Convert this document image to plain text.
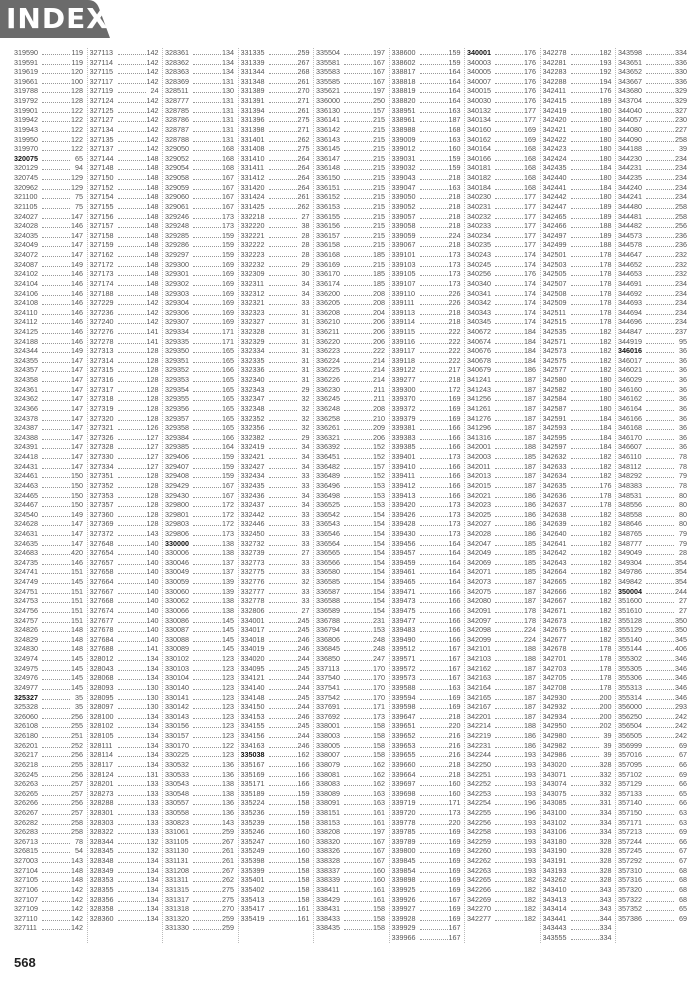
INDEX
319590	119
319591	119
319619	120
319661	100
319788	128
319792	128
319901	122
319942	122
319943	122
319950	122
319970	122
320075	65
320129	94
320745	129
320962	129
321100	75
321105	75
324027	147
324028	146
324035	147
324049	147
324072	147
324087	149
324102	146
324104	146
324106	146
324108	146
324110	146
324112	146
324125	146
324188	146
324344	149
324355	147
324357	147
324358	147
324361	147
324362	147
324366	147
324378	147
324387	147
324388	147
324391	147
324418	147
324431	147
324461	150
324463	150
324465	150
324467	150
324540	149
324628	147
324631	147
324635	147
324683	420
324735	146
324741	151
324749	145
324751	151
324753	151
324756	151
324757	151
324826	148
324829	148
324830	148
324974	145
324975	145
324976	145
324977	145
325327	35
325328	35
326060	256
326108	255
326180	251
326201	252
326217	256
326218	255
326245	256
326263	257
326265	257
326266	256
326267	257
326282	258
326283	258
326713	78
326815	54
327003	143
327104	148
327105	148
327106	142
327107	142
327109	142
327110	142
327111	142
327113	142
327114	142
327115	142
327117	142
327119	24
327124	142
327125	142
327127	142
327134	142
327135	142
327137	142
327144	148
327148	148
327150	148
327152	148
327154	148
327155	148
327156	148
327157	148
327158	148
327159	148
327162	148
327172	148
327173	148
327174	148
327188	148
327229	142
327236	142
327240	142
327276	141
327278	141
327313	128
327314	128
327315	128
327316	128
327317	128
327318	128
327319	128
327320	128
327321	126
327326	127
327328	127
327330	127
327334	127
327351	128
327352	128
327353	128
327357	128
327360	128
327369	128
327372	143
327648	140
327654	140
327657	140
327658	140
327664	140
327667	140
327668	140
327674	140
327677	140
327678	140
327684	140
327688	141
328012	134
328043	134
328068	134
328093	130
328095	130
328097	130
328100	134
328102	134
328105	134
328111	134
328114	134
328117	134
328124	131
328201	133
328273	133
328288	133
328301	133
328303	133
328322	133
328344	132
328345	132
328348	134
328349	134
328353	134
328355	134
328356	134
328358	134
328360	134
328361	134
328362	134
328363	134
328369	131
328511	130
328777	131
328785	131
328786	131
328787	131
328788	131
329050	168
329052	168
329054	168
329058	167
329059	167
329060	167
329061	167
329246	173
329248	173
329285	159
329286	159
329297	159
329300	169
329301	169
329302	169
329303	169
329304	169
329306	169
329307	169
329334	171
329335	171
329350	165
329351	165
329352	166
329353	165
329354	165
329355	165
329356	165
329357	165
329358	165
329384	166
329385	164
329406	159
329407	159
329408	159
329429	167
329430	167
329800	172
329801	172
329803	172
329806	173
330000	138
330006	138
330046	137
330049	137
330059	139
330060	139
330062	138
330066	138
330086	145
330087	145
330088	145
330089	145
330102	123
330103	123
330104	123
330140	123
330141	123
330142	123
330143	123
330156	123
330157	123
330170	122
330225	123
330532	136
330533	136
330543	138
330548	138
330557	136
330558	136
330823	143
331061	259
331105	267
331130	261
331131	261
331208	267
331311	262
331315	275
331317	275
331318	270
331320	259
331330	259
331335	259
331339	267
331344	268
331348	261
331389	270
331391	271
331394	261
331396	275
331398	271
331401	262
331408	275
331410	264
331411	264
331412	264
331420	264
331424	261
331425	262
332218	27
332220	38
332221	28
332222	28
332223	28
332232	29
332309	30
332311	34
332312	34
332321	33
332323	31
332327	31
332328	31
332329	31
332334	31
332335	31
332336	31
332340	31
332343	29
332347	32
332348	32
332352	32
332356	32
332382	29
332419	34
332421	34
332427	34
332434	33
332435	33
332436	34
332437	34
332442	33
332446	33
332450	33
332732	33
332739	27
332773	33
332775	33
332776	32
332777	33
332778	33
332806	27
334001	245
334017	245
334018	246
334019	246
334020	244
334095	245
334121	244
334140	244
334148	245
334150	244
334153	246
334155	245
334156	244
334163	246
335038	162
335167	166
335169	166
335171	166
335189	159
335224	158
335236	159
335239	158
335246	160
335247	160
335249	160
335398	158
335399	158
335401	158
335402	158
335413	158
335417	161
335419	161
335504	197
335581	167
335583	167
335585	167
335621	197
336000	250
336130	157
336141	215
336142	215
336143	215
336145	215
336147	215
336148	215
336150	215
336151	215
336152	215
336153	215
336155	215
336156	215
336157	215
336158	215
336168	185
336169	215
336170	185
336174	185
336200	208
336205	208
336208	204
336210	206
336211	206
336220	206
336223	222
336224	214
336225	214
336226	214
336230	211
336245	211
336248	208
336258	210
336261	209
336321	206
336392	152
336451	152
336482	157
336489	152
336496	153
336498	153
336525	153
336542	154
336543	154
336546	154
336564	154
336565	154
336566	154
336580	154
336585	154
336587	154
336588	154
336589	154
336788	231
336794	153
336806	248
336845	248
336850	247
337113	170
337540	170
337541	170
337542	170
337691	171
337692	173
338001	158
338003	158
338005	158
338007	158
338079	162
338081	162
338083	162
338089	163
338091	163
338151	161
338153	161
338208	197
338320	167
338326	167
338328	167
338337	160
338339	160
338411	161
338429	161
338431	158
338433	158
338435	158
338600	159
338602	159
338817	164
338818	164
338819	164
338820	164
338951	163
338961	187
338988	168
339009	163
339012	160
339031	159
339032	159
339043	218
339047	163
339050	218
339052	218
339057	218
339058	218
339059	224
339067	218
339101	173
339103	173
339105	173
339107	173
339110	226
339111	226
339113	218
339114	218
339115	222
339116	222
339117	222
339118	222
339122	217
339277	218
339300	172
339370	169
339372	169
339379	169
339381	166
339383	166
339385	166
339401	173
339410	166
339411	166
339412	166
339413	166
339420	173
339426	173
339428	173
339430	173
339456	164
339457	164
339459	164
339461	164
339465	164
339471	166
339473	166
339475	166
339477	166
339483	166
339490	166
339512	167
339571	167
339572	167
339573	167
339588	163
339594	169
339598	169
339647	218
339651	220
339652	216
339653	216
339655	216
339660	218
339664	218
339697	160
339698	160
339719	171
339720	173
339778	220
339785	169
339789	169
339800	169
339845	169
339854	169
339898	169
339925	169
339926	167
339927	169
339928	169
339929	167
339966	167
340001	176
340003	176
340005	176
340007	176
340015	176
340030	176
340132	177
340134	177
340160	169
340162	169
340164	168
340166	168
340181	168
340182	168
340184	168
340230	177
340231	177
340232	177
340233	177
340234	177
340235	177
340243	174
340245	174
340256	176
340340	174
340341	174
340342	174
340343	174
340345	174
340672	184
340674	184
340676	184
340678	184
340679	186
341241	187
341243	187
341256	187
341261	187
341276	187
341296	187
341316	187
342001	188
342003	185
342011	187
342013	187
342015	187
342021	186
342023	186
342025	186
342027	186
342028	186
342047	185
342049	185
342069	185
342071	185
342073	187
342075	187
342080	187
342091	178
342097	178
342098	224
342099	224
342101	188
342103	188
342162	187
342163	187
342164	187
342165	187
342167	187
342201	187
342214	188
342219	186
342231	186
342244	193
342250	193
342251	193
342252	193
342253	193
342254	196
342255	196
342256	193
342258	193
342259	193
342260	193
342262	193
342263	193
342265	182
342266	182
342269	182
342270	182
342277	182
342278	182
342281	193
342283	192
342288	194
342411	176
342415	189
342419	180
342420	180
342421	180
342422	180
342423	180
342424	180
342435	184
342440	180
342441	184
342442	180
342447	189
342465	189
342466	188
342497	189
342499	188
342501	178
342503	178
342505	178
342507	178
342508	178
342509	178
342511	178
342515	178
342535	182
342571	182
342573	182
342575	182
342577	182
342580	180
342582	180
342584	180
342587	180
342591	184
342593	184
342595	184
342597	184
342632	182
342633	182
342634	182
342635	176
342636	178
342637	178
342638	182
342639	182
342640	182
342641	182
342642	182
342643	182
342664	182
342665	182
342666	182
342667	182
342671	182
342673	182
342675	182
342677	182
342678	178
342701	178
342703	178
342705	178
342708	178
342930	200
342932	200
342934	200
342950	202
342980	39
342982	39
342986	39
343020	328
343071	332
343074	332
343075	332
343085	331
343100	334
343102	334
343106	334
343180	328
343190	328
343191	328
343193	328
343262	328
343410	343
343413	343
343414	343
343441	344
343443	334
343555	334
343598	334
343651	336
343652	330
343667	336
343680	329
343704	329
344040	327
344057	230
344080	227
344090	258
344188	39
344230	234
344231	234
344235	234
344240	234
344241	234
344480	258
344481	258
344482	256
344573	236
344578	236
344647	232
344652	232
344653	232
344691	234
344692	234
344693	234
344694	234
344696	234
344847	237
344919	95
346016	36
346017	36
346021	36
346029	36
346160	36
346162	36
346164	36
346166	36
346168	36
346170	36
346607	36
346110	78
348112	78
348292	79
348383	78
348531	80
348556	80
348558	80
348646	80
348765	79
348777	79
349049	28
349304	354
349786	354
349842	354
350004	244
351600	27
351610	27
355128	350
355129	350
355140	345
355144	406
355302	346
355305	346
355306	346
355313	346
355314	346
356000	293
356250	242
356504	242
356505	242
356999	69
357016	67
357095	66
357102	69
357129	66
357133	65
357140	66
357150	63
357171	63
357213	69
357244	66
357245	67
357292	67
357310	68
357316	68
357320	68
357322	68
357352	65
357386	69
568
